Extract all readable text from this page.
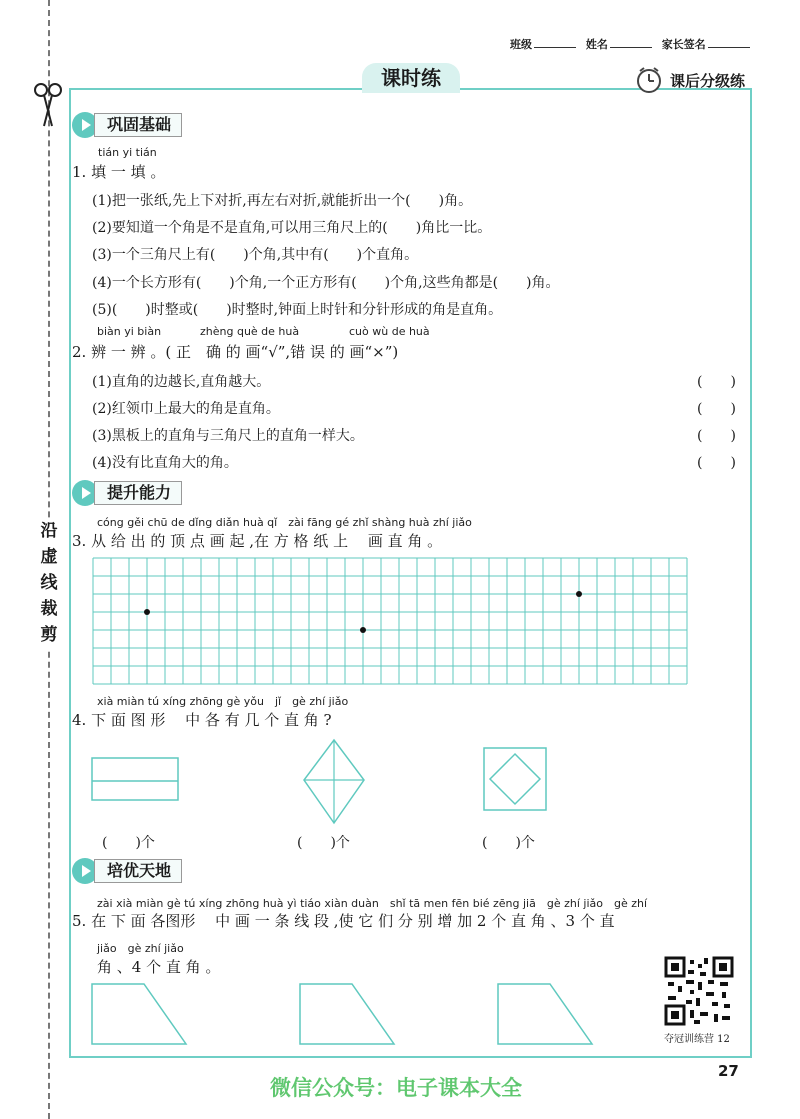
沿虚线裁剪
班级	姓名	家长签名
课时练	课后分级练
巩固基础
tián yi tián
1. 填 一 填 。
(1)把一张纸,先上下对折,再左右对折,就能折出一个(　　)角。
(2)要知道一个角是不是直角,可以用三角尺上的(　　)角比一比。
(3)一个三角尺上有(　　)个角,其中有(　　)个直角。
(4)一个长方形有(　　)个角,一个正方形有(　　)个角,这些角都是(　　)角。
(5)(　　)时整或(　　)时整时,钟面上时针和分针形成的角是直角。
biàn yi biàn	zhèng què de huà	cuò wù de huà
2. 辨 一 辨 。( 正　确 的 画“√”,错 误 的 画“×”)
(1)直角的边越长,直角越大。	(　　)
(2)红领巾上最大的角是直角。	(　　)
(3)黑板上的直角与三角尺上的直角一样大。	(　　)
(4)没有比直角大的角。	(　　)
提升能力
cóng gěi chū de dǐng diǎn huà qǐ　zài fāng gé zhǐ shàng huà zhí jiǎo
3. 从 给 出 的 顶 点 画 起 ,在 方 格 纸 上 　画 直 角 。
xià miàn tú xíng zhōng gè yǒu　jǐ　gè zhí jiǎo
4. 下 面 图 形 　中 各 有 几 个 直 角 ?
(　　)个	(　　)个	(　　)个
培优天地
zài xià miàn gè tú xíng zhōng huà yì tiáo xiàn duàn　shǐ tā men fēn bié zēng jiā　gè zhí jiǎo　gè zhí
5. 在 下 面 各图形 　中 画 一 条 线 段 ,使 它 们 分 别 增 加 2 个 直 角 、3 个 直
jiǎo　gè zhí jiǎo
角 、4 个 直 角 。
夺冠训练营 12
27
微信公众号：电子课本大全
